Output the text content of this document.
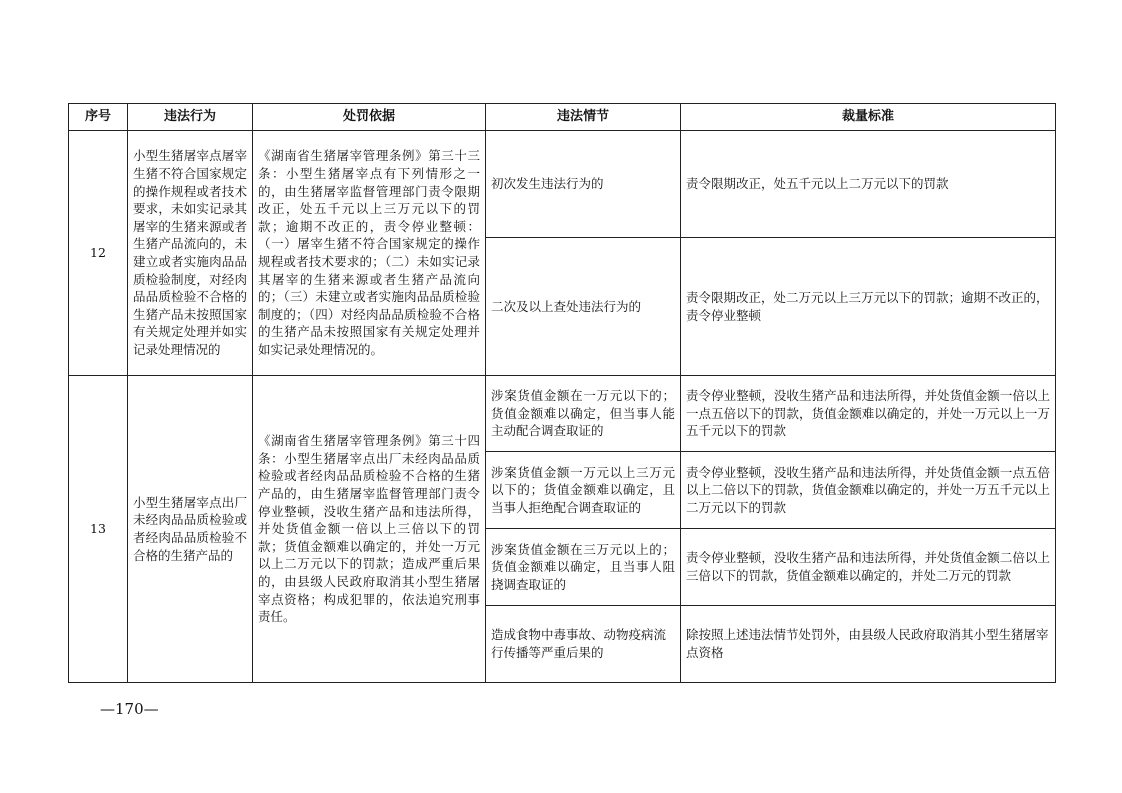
序号	违法行为	处罚依据	违法情节	裁量标准
12	小型生猪屠宰点屠宰生猪不符合国家规定的操作规程或者技术要求，未如实记录其屠宰的生猪来源或者生猪产品流向的，未建立或者实施肉品品质检验制度，对经肉品品质检验不合格的生猪产品未按照国家有关规定处理并如实记录处理情况的	《湖南省生猪屠宰管理条例》第三十三条：小型生猪屠宰点有下列情形之一的，由生猪屠宰监督管理部门责令限期改正，处五千元以上三万元以下的罚款；逾期不改正的，责令停业整顿：（一）屠宰生猪不符合国家规定的操作规程或者技术要求的；（二）未如实记录其屠宰的生猪来源或者生猪产品流向的；（三）未建立或者实施肉品品质检验制度的；（四）对经肉品品质检验不合格的生猪产品未按照国家有关规定处理并如实记录处理情况的。	初次发生违法行为的	责令限期改正，处五千元以上二万元以下的罚款
			二次及以上查处违法行为的	责令限期改正，处二万元以上三万元以下的罚款；逾期不改正的，责令停业整顿
13	小型生猪屠宰点出厂未经肉品品质检验或者经肉品品质检验不合格的生猪产品的	《湖南省生猪屠宰管理条例》第三十四条：小型生猪屠宰点出厂未经肉品品质检验或者经肉品品质检验不合格的生猪产品的，由生猪屠宰监督管理部门责令停业整顿，没收生猪产品和违法所得，并处货值金额一倍以上三倍以下的罚款；货值金额难以确定的，并处一万元以上二万元以下的罚款；造成严重后果的，由县级人民政府取消其小型生猪屠宰点资格；构成犯罪的，依法追究刑事责任。	涉案货值金额在一万元以下的；货值金额难以确定，但当事人能主动配合调查取证的	责令停业整顿，没收生猪产品和违法所得，并处货值金额一倍以上一点五倍以下的罚款，货值金额难以确定的，并处一万元以上一万五千元以下的罚款
			涉案货值金额一万元以上三万元以下的；货值金额难以确定，且当事人拒绝配合调查取证的	责令停业整顿，没收生猪产品和违法所得，并处货值金额一点五倍以上二倍以下的罚款，货值金额难以确定的，并处一万五千元以上二万元以下的罚款
			涉案货值金额在三万元以上的；货值金额难以确定，且当事人阻挠调查取证的	责令停业整顿，没收生猪产品和违法所得，并处货值金额二倍以上三倍以下的罚款，货值金额难以确定的，并处二万元的罚款
			造成食物中毒事故、动物疫病流行传播等严重后果的	除按照上述违法情节处罚外，由县级人民政府取消其小型生猪屠宰点资格
—170—
